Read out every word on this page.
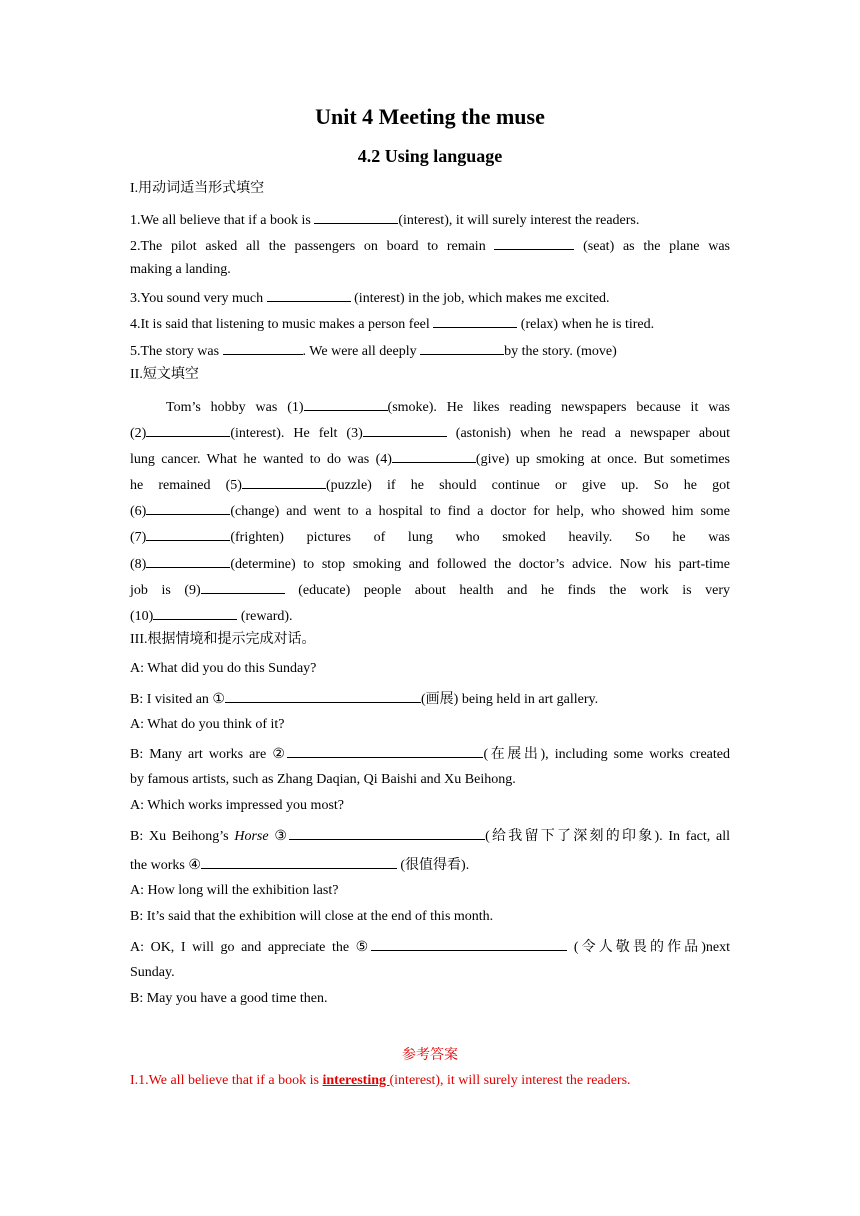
Unit 4 Meeting the muse
4.2 Using language
I.用动词适当形式填空
1.We all believe that if a book is	(interest), it will surely interest the readers.
2.The pilot asked all the passengers on board to remain	(seat) as the plane was
making a landing.
3.You sound very much	(interest) in the job, which makes me excited.
4.It is said that listening to music makes a person feel	(relax) when he is tired.
5.The story was	. We were all deeply	by the story. (move)
II.短文填空
Tom’s hobby was (1)	(smoke). He likes reading newspapers because it was
(2)	(interest). He felt (3)	(astonish) when he read a newspaper about
lung cancer. What he wanted to do was (4)	(give) up smoking at once. But sometimes
he remained (5)	(puzzle) if he should continue or give up. So he got
(6)	(change) and went to a hospital to find a doctor for help, who showed him some
(7)	(frighten) pictures of lung who smoked heavily. So he was
(8)	(determine) to stop smoking and followed the doctor’s advice. Now his part-time
job is (9)	(educate) people about health and he finds the work is very
(10)	(reward).
III.根据情境和提示完成对话。
A: What did you do this Sunday?
B: I visited an ①	(画展) being held in art gallery.
A: What do you think of it?
B: Many art works are ②	(在展出), including some works created
by famous artists, such as Zhang Daqian, Qi Baishi and Xu Beihong.
A: Which works impressed you most?
B: Xu Beihong’s Horse ③	(给我留下了深刻的印象). In fact, all
the works ④	(很值得看).
A: How long will the exhibition last?
B: It’s said that the exhibition will close at the end of this month.
A: OK, I will go and appreciate the ⑤	(令人敬畏的作品)next
Sunday.
B: May you have a good time then.
参考答案
I.1.We all believe that if a book is interesting (interest), it will surely interest the readers.
